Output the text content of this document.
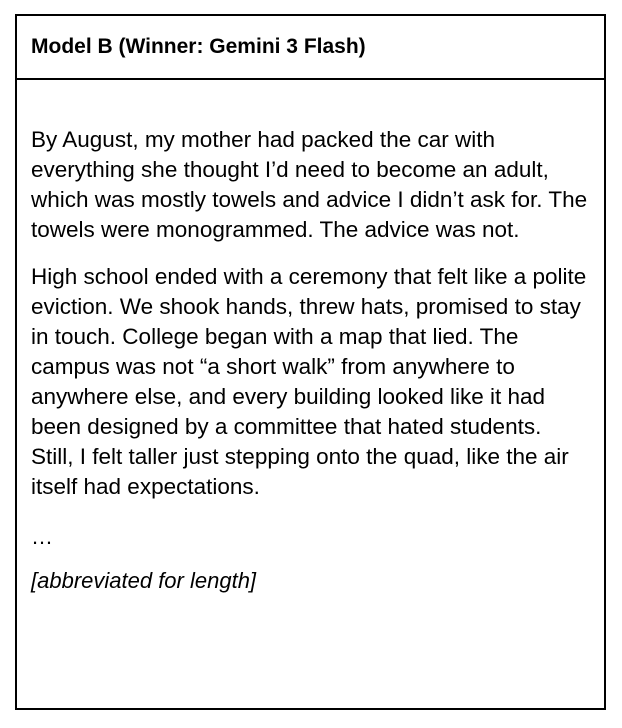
Model B (Winner: Gemini 3 Flash)

By August, my mother had packed the car with everything she thought I’d need to become an adult, which was mostly towels and advice I didn’t ask for. The towels were monogrammed. The advice was not.

High school ended with a ceremony that felt like a polite eviction. We shook hands, threw hats, promised to stay in touch. College began with a map that lied. The campus was not “a short walk” from anywhere to anywhere else, and every building looked like it had been designed by a committee that hated students. Still, I felt taller just stepping onto the quad, like the air itself had expectations.

…

[abbreviated for length]
